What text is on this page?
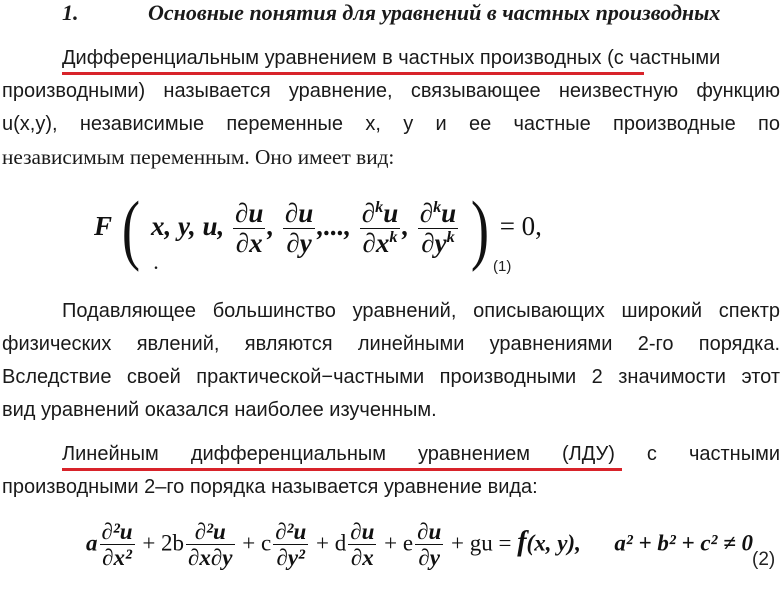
1.	Основные понятия для уравнений в частных производных
Дифференциальным уравнением в частных производных (с частными
производными) называется уравнение, связывающее неизвестную функцию
u(x,y), независимые переменные x, y и ее частные производные по
независимым переменным. Оно имеет вид:
F ( x, y, u, $\frac{\partial u}{\partial x}$ , $\frac{\partial u}{\partial y}$ ,..., $\frac{\partial^ku}{\partial x^k}$ , $\frac{\partial^ku}{\partial y^k}$ ) = 0,
.	(1)
Подавляющее большинство уравнений, описывающих широкий спектр
физических явлений, являются линейными уравнениями 2-го порядка.
Вследствие своей практической−частными производными 2 значимости этот
вид уравнений оказался наиболее изученным.
Линейным дифференциальным уравнением (ЛДУ) с частными
производными 2–го порядка называется уравнение вида:
a $\frac{\text{∂²u}}{\text{∂x²}} + 2b \frac{\text{∂²u}}{\partial x\partial y} + c \frac{\text{∂²u}}{\text{∂y²}} + d \frac{\partial u}{\partial x} + e \frac{\partial u}{\partial y}$ + gu = f(x, y), a² + b² + c² ≠ 0
(2)
